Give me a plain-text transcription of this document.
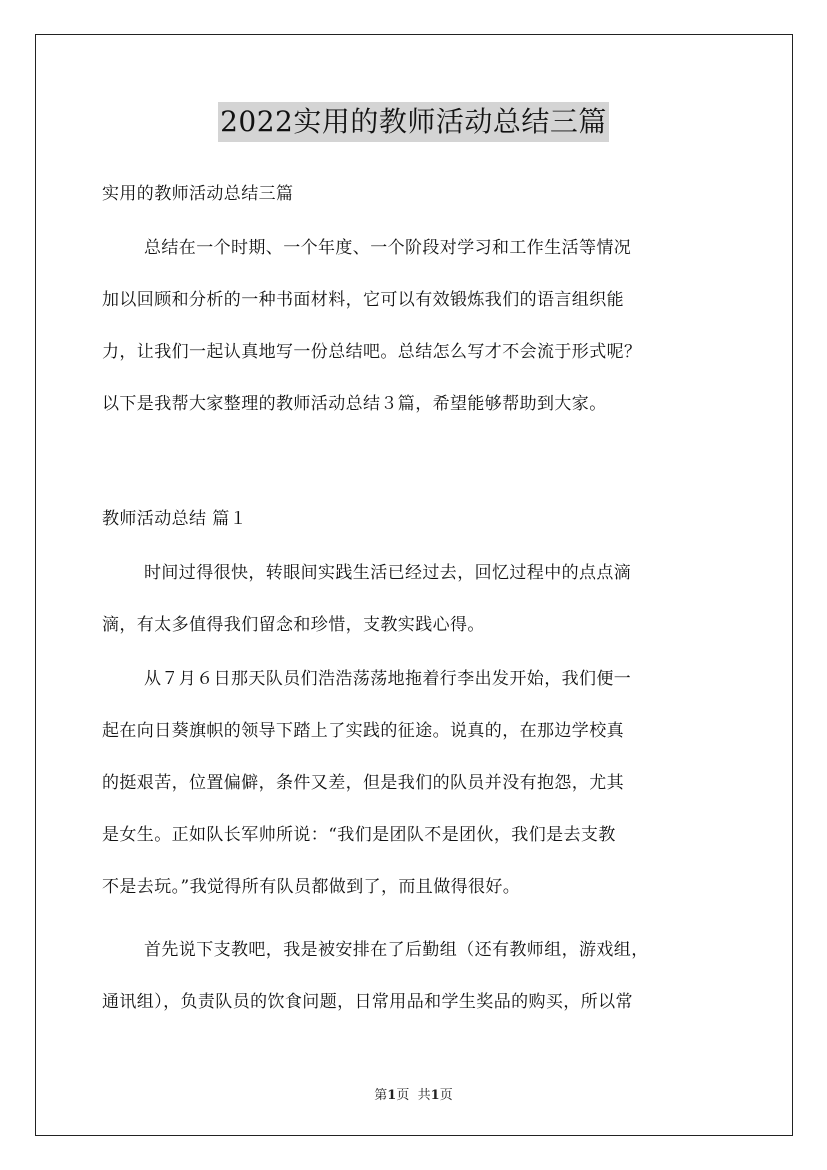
2022实用的教师活动总结三篇

实用的教师活动总结三篇

总结在一个时期、一个年度、一个阶段对学习和工作生活等情况
加以回顾和分析的一种书面材料，它可以有效锻炼我们的语言组织能
力，让我们一起认真地写一份总结吧。总结怎么写才不会流于形式呢？
以下是我帮大家整理的教师活动总结３篇，希望能够帮助到大家。

教师活动总结 篇１

时间过得很快，转眼间实践生活已经过去，回忆过程中的点点滴
滴，有太多值得我们留念和珍惜，支教实践心得。

从７月６日那天队员们浩浩荡荡地拖着行李出发开始，我们便一
起在向日葵旗帜的领导下踏上了实践的征途。说真的，在那边学校真
的挺艰苦，位置偏僻，条件又差，但是我们的队员并没有抱怨，尤其
是女生。正如队长军帅所说：“我们是团队不是团伙，我们是去支教
不是去玩。”我觉得所有队员都做到了，而且做得很好。

首先说下支教吧，我是被安排在了后勤组（还有教师组，游戏组，
通讯组），负责队员的饮食问题，日常用品和学生奖品的购买，所以常

第1页 共1页
